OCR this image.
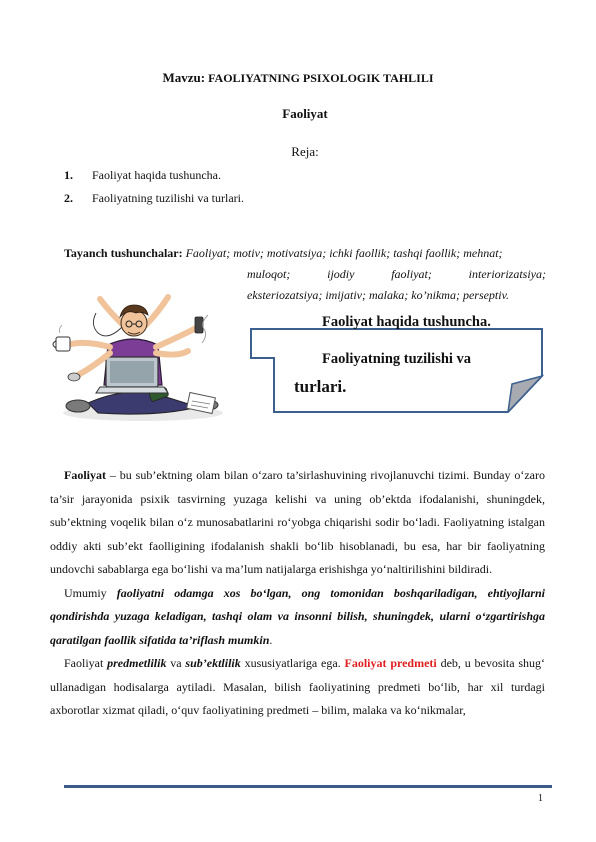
Mavzu: FAOLIYATNING PSIXOLOGIK TAHLILI
Faoliyat
Reja:
1. Faoliyat haqida tushuncha.
2. Faoliyatning tuzilishi va turlari.
Tayanch tushunchalar: Faoliyat; motiv; motivatsiya; ichki faollik; tashqi faollik; mehnat;
muloqot; ijodiy faoliyat; interiorizatsiya;
eksteriozatsiya; imijativ; malaka; ko’nikma; perseptiv.
Faoliyat haqida tushuncha.
Faoliyatning tuzilishi va
turlari.

Faoliyat – bu sub’ektning olam bilan o‘zaro ta’sirlashuvining rivojlanuvchi tizimi. Bunday o‘zaro ta’sir jarayonida psixik tasvirning yuzaga kelishi va uning ob’ektda ifodalanishi, shuningdek, sub’ektning voqelik bilan o‘z munosabatlarini ro‘yobga chiqarishi sodir bo‘ladi. Faoliyatning istalgan oddiy akti sub’ekt faolligining ifodalanish shakli bo‘lib hisoblanadi, bu esa, har bir faoliyatning undovchi sabablarga ega bo‘lishi va ma’lum natijalarga erishishga yo‘naltirilishini bildiradi.

Umumiy faoliyatni odamga xos bo‘lgan, ong tomonidan boshqariladigan, ehtiyojlarni qondirishda yuzaga keladigan, tashqi olam va insonni bilish, shuningdek, ularni o‘zgartirishga qaratilgan faollik sifatida ta’riflash mumkin.

Faoliyat predmetlilik va sub’ektlilik xususiyatlariga ega. Faoliyat predmeti deb, u bevosita shug‘ ullanadigan hodisalarga aytiladi. Masalan, bilish faoliyatining predmeti bo‘lib, har xil turdagi axborotlar xizmat qiladi, o‘quv faoliyatining predmeti – bilim, malaka va ko‘nikmalar,

1
